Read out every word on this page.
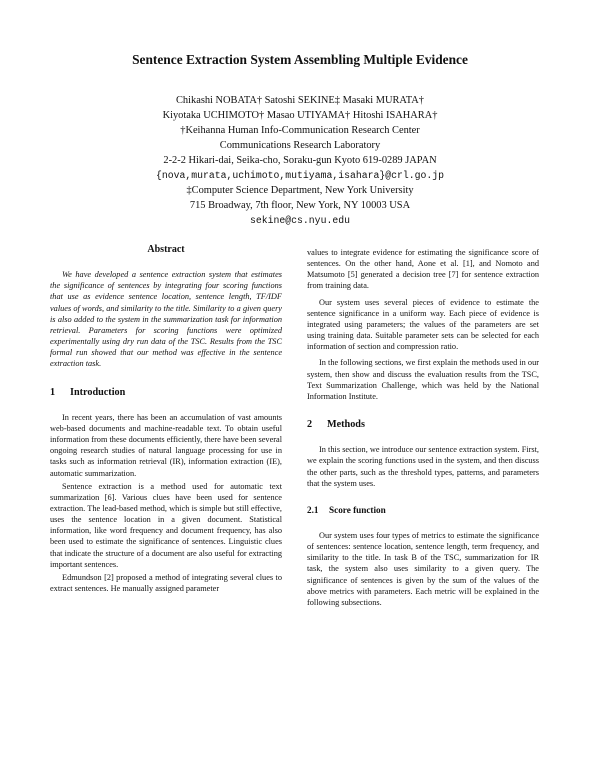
Sentence Extraction System Assembling Multiple Evidence
Chikashi NOBATA† Satoshi SEKINE‡ Masaki MURATA†
Kiyotaka UCHIMOTO† Masao UTIYAMA† Hitoshi ISAHARA†
†Keihanna Human Info-Communication Research Center
Communications Research Laboratory
2-2-2 Hikari-dai, Seika-cho, Soraku-gun Kyoto 619-0289 JAPAN
{nova,murata,uchimoto,mutiyama,isahara}@crl.go.jp
‡Computer Science Department, New York University
715 Broadway, 7th floor, New York, NY 10003 USA
sekine@cs.nyu.edu
Abstract

We have developed a sentence extraction system that estimates the significance of sentences by integrating four scoring functions that use as evidence sentence location, sentence length, TF/IDF values of words, and similarity to the title. Similarity to a given query is also added to the system in the summarization task for information retrieval. Parameters for scoring functions were optimized experimentally using dry run data of the TSC. Results from the TSC formal run showed that our method was effective in the sentence extraction task.

1 Introduction

In recent years, there has been an accumulation of vast amounts web-based documents and machine-readable text. To obtain useful information from these documents efficiently, there have been several ongoing research studies of natural language processing for use in tasks such as information retrieval (IR), information extraction (IE), automatic summarization.

Sentence extraction is a method used for automatic text summarization [6]. Various clues have been used for sentence extraction. The lead-based method, which is simple but still effective, uses the sentence location in a given document. Statistical information, like word frequency and document frequency, has also been used to estimate the significance of sentences. Linguistic clues that indicate the structure of a document are also useful for extracting important sentences.

Edmundson [2] proposed a method of integrating several clues to extract sentences. He manually assigned parameter

values to integrate evidence for estimating the significance score of sentences. On the other hand, Aone et al. [1], and Nomoto and Matsumoto [5] generated a decision tree [7] for sentence extraction from training data.

Our system uses several pieces of evidence to estimate the sentence significance in a uniform way. Each piece of evidence is integrated using parameters; the values of the parameters are set using training data. Suitable parameter sets can be selected for each information of section and compression ratio.

In the following sections, we first explain the methods used in our system, then show and discuss the evaluation results from the TSC, Text Summarization Challenge, which was held by the National Information Institute.

2 Methods

In this section, we introduce our sentence extraction system. First, we explain the scoring functions used in the system, and then discuss the other parts, such as the threshold types, patterns, and parameters that the system uses.

2.1 Score function

Our system uses four types of metrics to estimate the significance of sentences: sentence location, sentence length, term frequency, and similarity to the title. In task B of the TSC, summarization for IR task, the system also uses similarity to a given query. The significance of sentences is given by the sum of the values of the above metrics with parameters. Each metric will be explained in the following subsections.
